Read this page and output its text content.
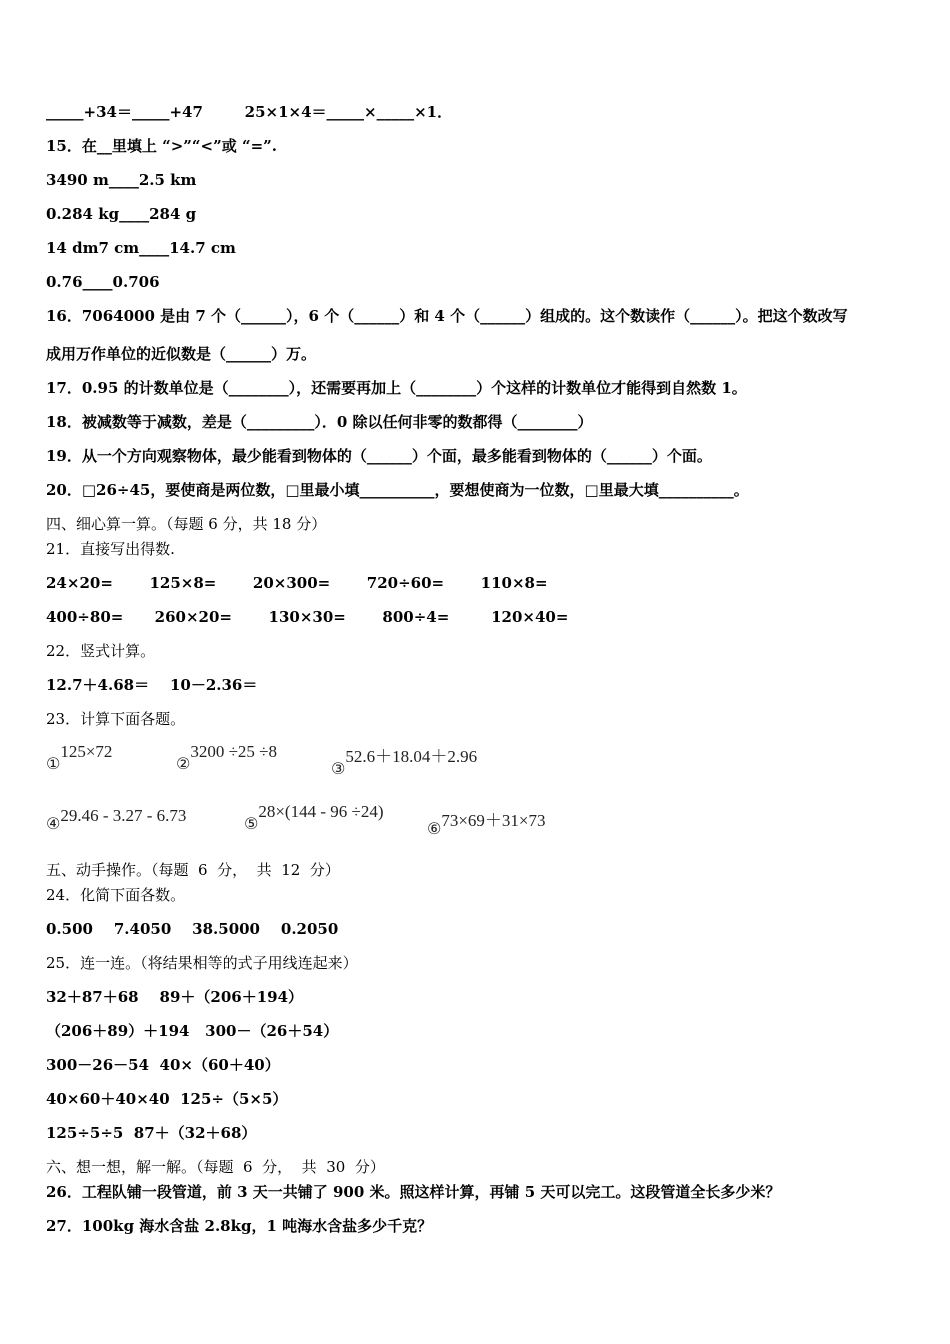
_____+34＝_____+47        25×1×4＝_____×_____×1．
15．在__里填上 “>”“<”或 “=”.
3490 m____2.5 km
0.284 kg____284 g
14 dm7 cm____14.7 cm
0.76____0.706
16．7064000 是由 7 个（______），6 个（______）和 4 个（______）组成的。这个数读作（______）。把这个数改写
成用万作单位的近似数是（______）万。
17．0.95 的计数单位是（________），还需要再加上（________）个这样的计数单位才能得到自然数 1。
18．被减数等于减数，差是（_________）．0 除以任何非零的数都得（________）
19．从一个方向观察物体，最少能看到物体的（______）个面，最多能看到物体的（______）个面。
20．□26÷45，要使商是两位数，□里最小填__________，要想使商为一位数，□里最大填__________。
四、细心算一算。（每题 6 分，共 18 分）
21．直接写出得数.
24×20=       125×8=       20×300=       720÷60=       110×8=
400÷80=      260×20=       130×30=       800÷4=        120×40=
22．竖式计算。
12.7＋4.68＝    10－2.36＝
23．计算下面各题。
①125×72
②3200 ÷25 ÷8
③52.6＋18.04＋2.96
④29.46 - 3.27 - 6.73	⑤28×(144 - 96 ÷24)
⑥73×69＋31×73
五、动手操作。（每题  6  分，  共  12  分）
24．化简下面各数。
0.500    7.4050    38.5000    0.2050
25．连一连。（将结果相等的式子用线连起来）
32＋87＋68    89＋（206＋194）
（206＋89）＋194   300－（26＋54）
300－26－54  40×（60＋40）
40×60＋40×40  125÷（5×5）
125÷5÷5  87＋（32＋68）
六、想一想，解一解。（每题  6  分，  共  30  分）
26．工程队铺一段管道，前 3 天一共铺了 900 米。照这样计算，再铺 5 天可以完工。这段管道全长多少米？
27．100kg 海水含盐 2.8kg，1 吨海水含盐多少千克？
